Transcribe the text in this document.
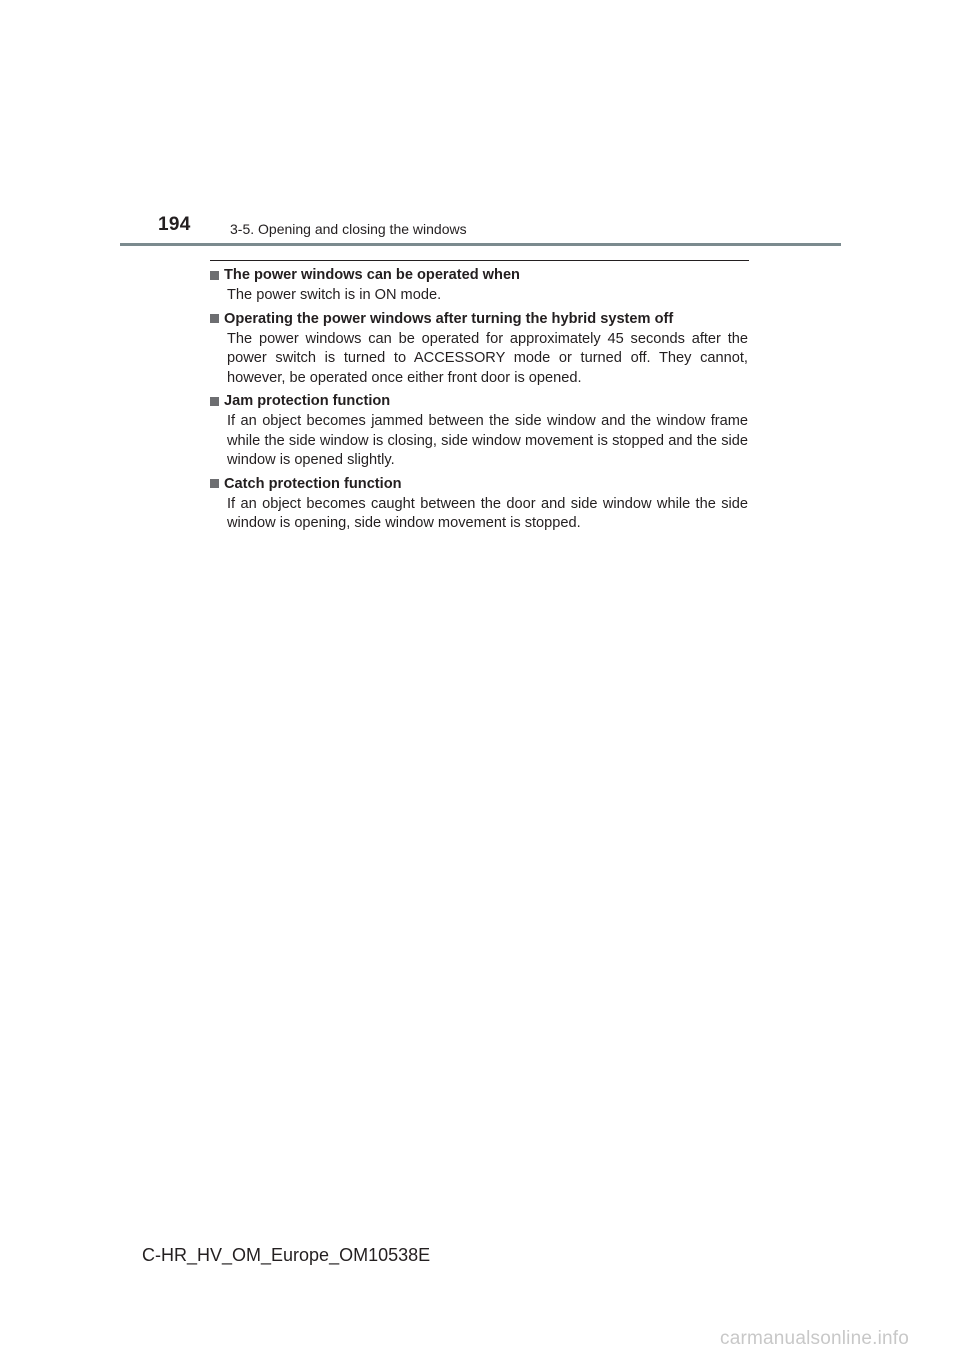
194	3-5. Opening and closing the windows
The power windows can be operated when
The power switch is in ON mode.
Operating the power windows after turning the hybrid system off
The power windows can be operated for approximately 45 seconds after the power switch is turned to ACCESSORY mode or turned off. They cannot, however, be operated once either front door is opened.
Jam protection function
If an object becomes jammed between the side window and the window frame while the side window is closing, side window movement is stopped and the side window is opened slightly.
Catch protection function
If an object becomes caught between the door and side window while the side window is opening, side window movement is stopped.
C-HR_HV_OM_Europe_OM10538E
carmanualsonline.info
